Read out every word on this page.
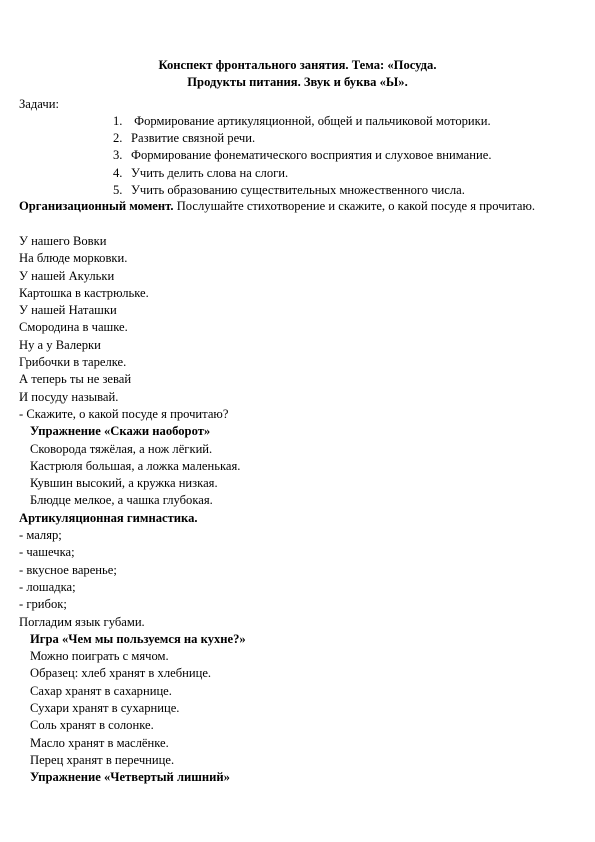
Конспект фронтального занятия. Тема: «Посуда.
Продукты питания. Звук и буква «Ы».
Задачи:
1. Формирование артикуляционной, общей и пальчиковой моторики.
2. Развитие связной речи.
3. Формирование фонематического восприятия и слуховое внимание.
4. Учить делить слова на слоги.
5. Учить образованию существительных множественного числа.
Организационный момент. Послушайте стихотворение и скажите, о какой посуде я прочитаю.
У нашего Вовки
На блюде морковки.
У нашей Акульки
Картошка в кастрюльке.
У нашей Наташки
Смородина в чашке.
Ну а у Валерки
Грибочки в тарелке.
А теперь ты не зевай
И посуду называй.
- Скажите, о какой посуде я прочитаю?
Упражнение «Скажи наоборот»
Сковорода тяжёлая, а нож лёгкий.
Кастрюля большая, а ложка маленькая.
Кувшин высокий, а кружка низкая.
Блюдце мелкое, а чашка глубокая.
Артикуляционная гимнастика.
- маляр;
- чашечка;
- вкусное варенье;
- лошадка;
- грибок;
Погладим язык губами.
Игра «Чем мы пользуемся на кухне?»
Можно поиграть с мячом.
Образец: хлеб хранят в хлебнице.
Сахар хранят в сахарнице.
Сухари хранят в сухарнице.
Соль хранят в солонке.
Масло хранят в маслёнке.
Перец хранят в перечнице.
Упражнение «Четвертый лишний»
